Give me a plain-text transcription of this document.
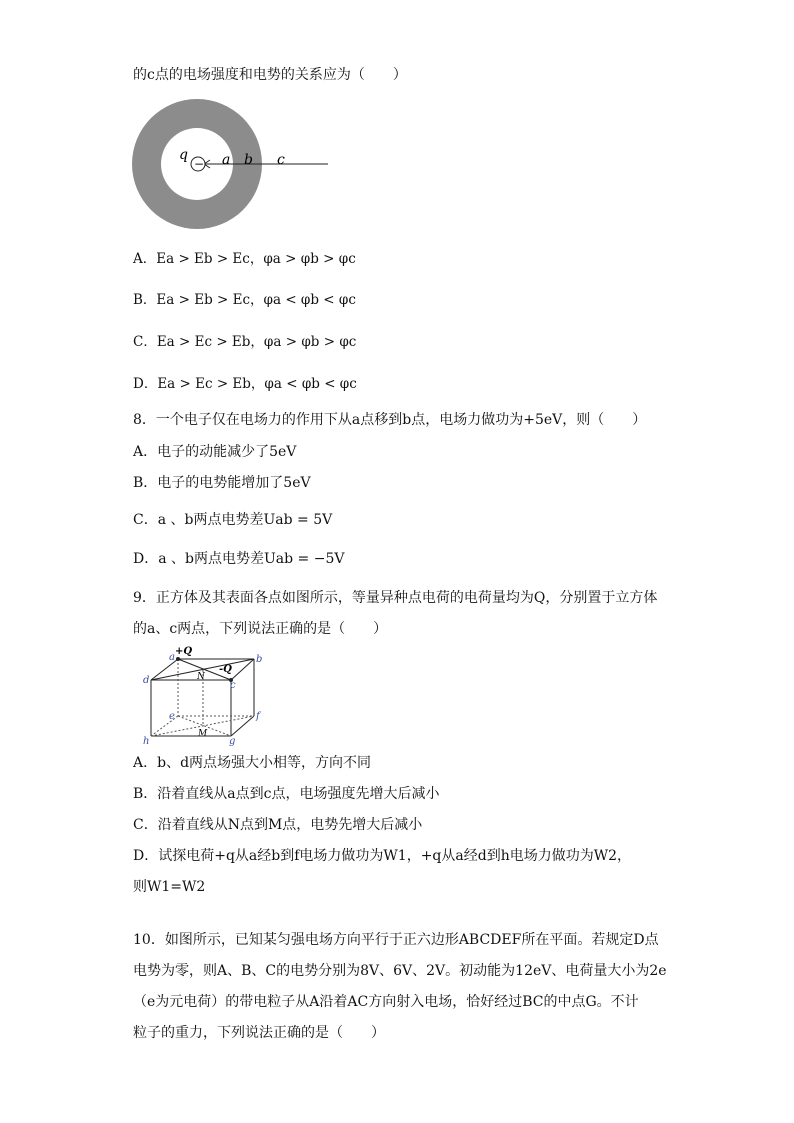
的c点的电场强度和电势的关系应为（　　）
−
q a b c
A．Ea > Eb > Ec，φa > φb > φc
B．Ea > Eb > Ec，φa < φb < φc
C．Ea > Ec > Eb，φa > φb > φc
D．Ea > Ec > Eb，φa < φb < φc
8．一个电子仅在电场力的作用下从a点移到b点，电场力做功为+5eV，则（　　）
A．电子的动能减少了5eV
B．电子的电势能增加了5eV
C．a 、b两点电势差Uab = 5V
D．a 、b两点电势差Uab = −5V
9．正方体及其表面各点如图所示，等量异种点电荷的电荷量均为Q，分别置于立方体
的a、c两点，下列说法正确的是（　　）
+Q
a	b
-Q
N
c
d
e	f
M
h	g
A．b、d两点场强大小相等，方向不同
B．沿着直线从a点到c点，电场强度先增大后减小
C．沿着直线从N点到M点，电势先增大后减小
D．试探电荷+q从a经b到f电场力做功为W1，+q从a经d到h电场力做功为W2，
则W1=W2
10．如图所示，已知某匀强电场方向平行于正六边形ABCDEF所在平面。若规定D点
电势为零，则A、B、C的电势分别为8V、6V、2V。初动能为12eV、电荷量大小为2e
（e为元电荷）的带电粒子从A沿着AC方向射入电场，恰好经过BC的中点G。不计
粒子的重力，下列说法正确的是（　　）
